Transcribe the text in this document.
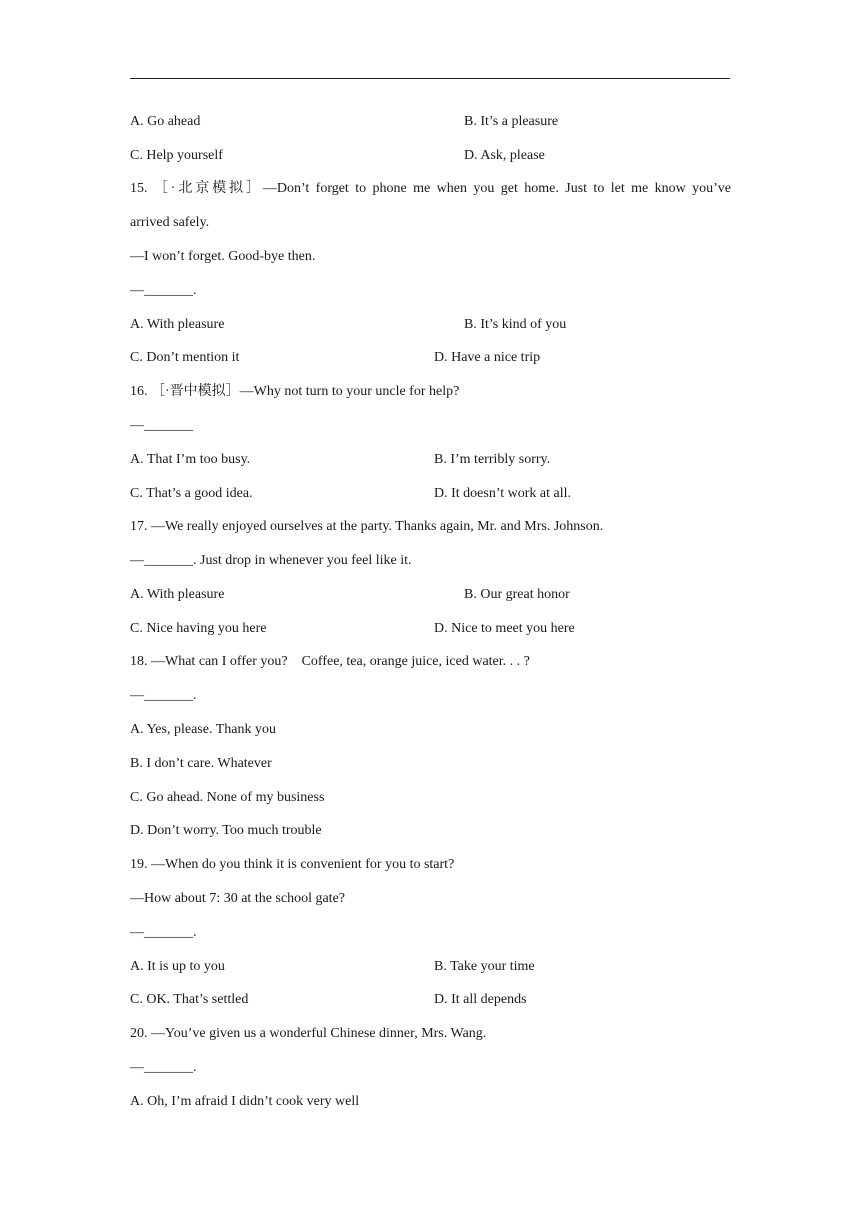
A. Go ahead	B. It’s a pleasure
C. Help yourself	D. Ask, please
15. ［·北京模拟］—Don’t forget to phone me when you get home. Just to let me know you’ve
arrived safely.
—I won’t forget. Good-bye then.
—_______.
A. With pleasure	B. It’s kind of you
C. Don’t mention it	D. Have a nice trip
16. ［·晋中模拟］—Why not turn to your uncle for help?
—_______
A. That I’m too busy.	B. I’m terribly sorry.
C. That’s a good idea.	D. It doesn’t work at all.
17. —We really enjoyed ourselves at the party. Thanks again, Mr. and Mrs. Johnson.
—_______. Just drop in whenever you feel like it.
A. With pleasure	B. Our great honor
C. Nice having you here	D. Nice to meet you here
18. —What can I offer you?    Coffee, tea, orange juice, iced water. . . ?
—_______.
A. Yes, please. Thank you
B. I don’t care. Whatever
C. Go ahead. None of my business
D. Don’t worry. Too much trouble
19. —When do you think it is convenient for you to start?
—How about 7: 30 at the school gate?
—_______.
A. It is up to you	B. Take your time
C. OK. That’s settled	D. It all depends
20. —You’ve given us a wonderful Chinese dinner, Mrs. Wang.
—_______.
A. Oh, I’m afraid I didn’t cook very well
